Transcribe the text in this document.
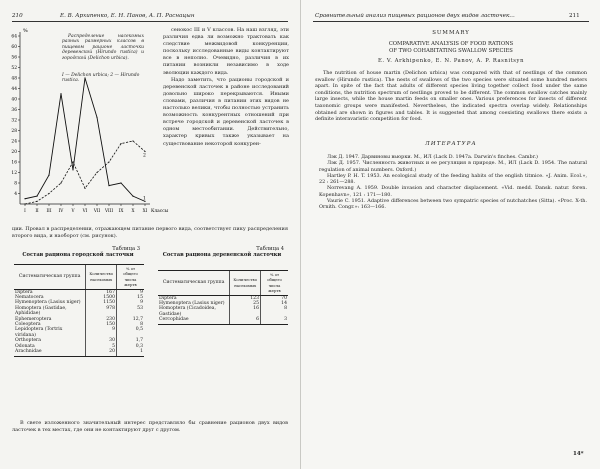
210	Е. В. Архипенко, Е. Н. Панов, А. П. Раснацын
%
4
8
12
16
20
24
28
32
36
40
44
48
52
56
60
64
I II III IV V VI VII VIII IX X XI Классы
1
2
Распределение насекомых разных размерных классов в пищевом рационе ласточки деревенской (Hirundo rustica) и городской (Delichon urbica).
I — Delichon urbica; 2 — Hirundo rustica.

сенокос III и V классов. На наш взгляд, эти различия едва ли возможно трактовать как следствие межвидовой конкуренции, поскольку исследованные виды контактируют все в неполно. Очевидно, различия в их питании возникли независимо в ходе эволюции каждого вида.

Надо заметить, что рационы городской и деревенской ласточек в районе исследований довольно широко перекрываются. Иными словами, различия в питании этих видов не настолько велики, чтобы полностью устранить возможность конкурентных отношений при встрече городской и деревенской ласточек в одном местообитании. Действительно, характер кривых также указывает на существование некоторой конкурен-

ции. Провал в распределении, отражающем питание первого вида, соответствует пику распределения второго вида, и наоборот (см. рисунок).

Таблица 3
Состав рациона городской ласточки
Систематическая группа	Количество насекомых	% от общего числа жертв
Diptera	167	9
Nematocera	1500	15
Hymenoptera (Lasius niger)	1150	9
Homoptera (Gastidae, Aphididae)	978	53
Ephemeroptera	230	12,7
Coleoptera	150	8
Lepidoptera (Tortrix viridana)	9	0,5
Orthoptera	30	1,7
Odonata	5	0,3
Arachnidae	20	1
Таблица 4
Состав рациона деревенской ласточки
Систематическая группа	Количество насекомых	% от общего числа жертв
Diptera	123	70
Hymenoptera (Lasius niger)	25	14
Homoptera (Cicadoidea, Gastidae)	16	8
Cercophidae	6	3

В свете изложенного значительный интерес представляло бы сравнение рационов двух видов ласточек в тех местах, где они не контактируют друг с другом.

Сравнительный анализ пищевых рационов двух видов ласточек…	211
SUMMARY
COMPARATIVE ANALYSIS OF FOOD RATIONS
OF TWO COHABITATING SWALLOW SPECIES
E. V. Arkhipenko, E. N. Panov, A. P. Rasnitsyn

The nutrition of house martin (Delichon urbica) was compared with that of nestlings of the common swallow (Hirundo rustica). The nests of swallows of the two species were situated some hundred meters apart. In spite of the fact that adults of different species living together collect food under the same conditions, the nutrition spectrum of nestlings proved to be different. The common swallow catches mainly large insects, while the house martin feeds on smaller ones. Various preferences for insects of different taxonomic groups were manifested. Nevertheless, the indicated spectra overlap widely. Relationships obtained are shown in figures and tables. It is suggested that among coexisting swallows there exists a definite interavaristic competition for food.

ЛИТЕРАТУРА

Лэк Д. 1947. Дарвиновы вьюрки. М., ИЛ (Lack D. 1947a. Darwin's finches. Cambr.)

Лэк Д. 1957. Численность животных и ее регуляция в природе. М., ИЛ (Lack D. 1954. The natural regulation of animal numbers. Oxford.)

Hartley P. H. T. 1953. An ecological study of the feeding habits of the english titmice. «J. Anim. Ecol.», 22 : 261—288.

Norrevang A. 1959. Double invasion and character displacement. «Vid. medd. Dansk. natur. foren. Kopenhavn», 121 : 171—180.

Vaurie C. 1951. Adaptive differences between two sympatric species of nutchatches (Sitta). «Proc. X-th. Ornith. Congr.»: 163—166.

14*
